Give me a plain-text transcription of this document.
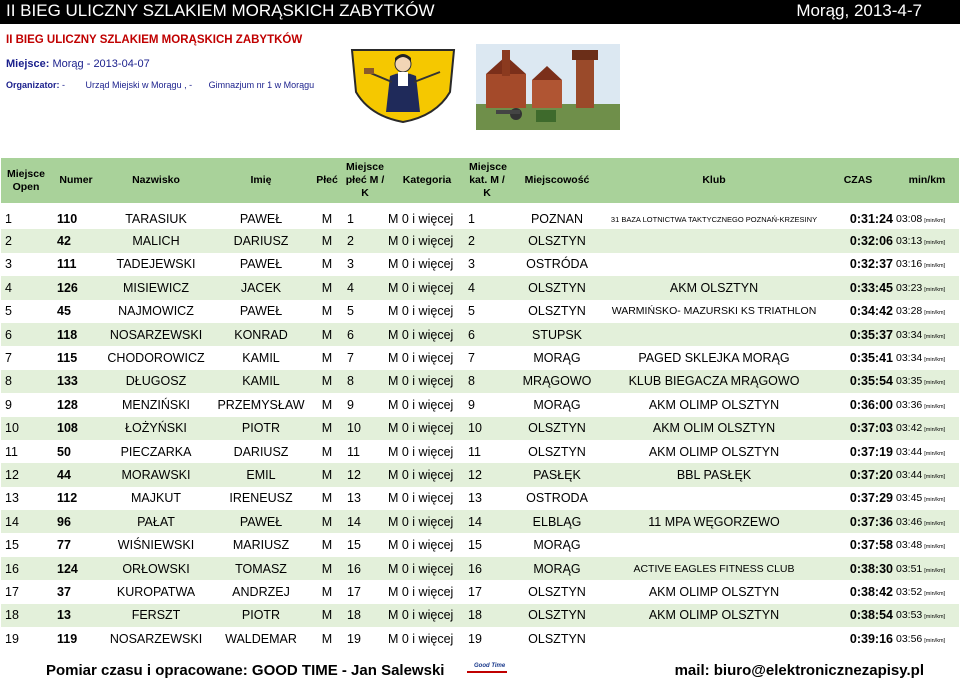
II BIEG ULICZNY SZLAKIEM MORĄSKICH ZABYTKÓW	Morąg, 2013-4-7
II BIEG ULICZNY SZLAKIEM MORĄSKICH ZABYTKÓW
Miejsce: Morąg - 2013-04-07
Organizator: - Urząd Miejski w Morągu , - Gimnazjum nr 1 w Morągu
Miejsce Open	Numer	Nazwisko	Imię	Płeć	Miejsce płeć M / K	Kategoria	Miejsce kat. M / K	Miejscowość	Klub	CZAS	min/km
1	110	TARASIUK	PAWEŁ	M	1	M 0 i więcej	1	POZNAN	31 BAZA LOTNICTWA TAKTYCZNEGO POZNAŃ-KRZESINY	0:31:24	03:08 [min/km]
2	42	MALICH	DARIUSZ	M	2	M 0 i więcej	2	OLSZTYN		0:32:06	03:13 [min/km]
3	111	TADEJEWSKI	PAWEŁ	M	3	M 0 i więcej	3	OSTRÓDA		0:32:37	03:16 [min/km]
4	126	MISIEWICZ	JACEK	M	4	M 0 i więcej	4	OLSZTYN	AKM OLSZTYN	0:33:45	03:23 [min/km]
5	45	NAJMOWICZ	PAWEŁ	M	5	M 0 i więcej	5	OLSZTYN	WARMIŃSKO- MAZURSKI KS TRIATHLON	0:34:42	03:28 [min/km]
6	118	NOSARZEWSKI	KONRAD	M	6	M 0 i więcej	6	STUPSK		0:35:37	03:34 [min/km]
7	115	CHODOROWICZ	KAMIL	M	7	M 0 i więcej	7	MORĄG	PAGED SKLEJKA MORĄG	0:35:41	03:34 [min/km]
8	133	DŁUGOSZ	KAMIL	M	8	M 0 i więcej	8	MRĄGOWO	KLUB BIEGACZA MRĄGOWO	0:35:54	03:35 [min/km]
9	128	MENZIŃSKI	PRZEMYSŁAW	M	9	M 0 i więcej	9	MORĄG	AKM OLIMP OLSZTYN	0:36:00	03:36 [min/km]
10	108	ŁOŻYŃSKI	PIOTR	M	10	M 0 i więcej	10	OLSZTYN	AKM OLIM OLSZTYN	0:37:03	03:42 [min/km]
11	50	PIECZARKA	DARIUSZ	M	11	M 0 i więcej	11	OLSZTYN	AKM OLIMP OLSZTYN	0:37:19	03:44 [min/km]
12	44	MORAWSKI	EMIL	M	12	M 0 i więcej	12	PASŁĘK	BBL PASŁĘK	0:37:20	03:44 [min/km]
13	112	MAJKUT	IRENEUSZ	M	13	M 0 i więcej	13	OSTRODA		0:37:29	03:45 [min/km]
14	96	PAŁAT	PAWEŁ	M	14	M 0 i więcej	14	ELBLĄG	11 MPA WĘGORZEWO	0:37:36	03:46 [min/km]
15	77	WIŚNIEWSKI	MARIUSZ	M	15	M 0 i więcej	15	MORĄG		0:37:58	03:48 [min/km]
16	124	ORŁOWSKI	TOMASZ	M	16	M 0 i więcej	16	MORĄG	ACTIVE EAGLES FITNESS CLUB	0:38:30	03:51 [min/km]
17	37	KUROPATWA	ANDRZEJ	M	17	M 0 i więcej	17	OLSZTYN	AKM OLIMP OLSZTYN	0:38:42	03:52 [min/km]
18	13	FERSZT	PIOTR	M	18	M 0 i więcej	18	OLSZTYN	AKM OLIMP OLSZTYN	0:38:54	03:53 [min/km]
19	119	NOSARZEWSKI	WALDEMAR	M	19	M 0 i więcej	19	OLSZTYN		0:39:16	03:56 [min/km]
Pomiar czasu i opracowane: GOOD TIME - Jan Salewski	Good Time	mail: biuro@elektronicznezapisy.pl
